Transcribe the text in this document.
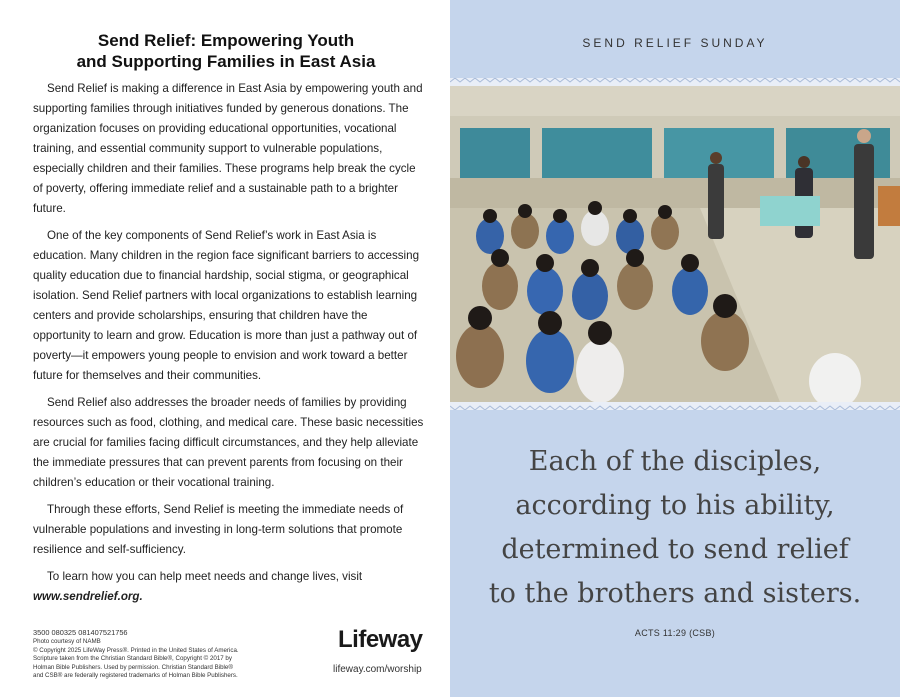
Send Relief: Empowering Youth
and Supporting Families in East Asia

Send Relief is making a difference in East Asia by empowering youth and supporting families through initiatives funded by generous donations. The organization focuses on providing educational opportunities, vocational training, and essential community support to vulnerable populations, especially children and their families. These programs help break the cycle of poverty, offering immediate relief and a sustainable path to a brighter future.

One of the key components of Send Relief’s work in East Asia is education. Many children in the region face significant barriers to accessing quality education due to financial hardship, social stigma, or geographical isolation. Send Relief partners with local organizations to establish learning centers and provide scholarships, ensuring that children have the opportunity to learn and grow. Education is more than just a pathway out of poverty—it empowers young people to envision and work toward a better future for themselves and their communities.

Send Relief also addresses the broader needs of families by providing resources such as food, clothing, and medical care. These basic necessities are crucial for families facing difficult circumstances, and they help alleviate the immediate pressures that can prevent parents from focusing on their children’s education or their vocational training.

Through these efforts, Send Relief is meeting the immediate needs of vulnerable populations and investing in long-term solutions that promote resilience and self-sufficiency.

To learn how you can help meet needs and change lives, visit
www.sendrelief.org.

3500 080325 081407521756
Photo courtesy of NAMB
© Copyright 2025 LifeWay Press®. Printed in the United States of America.
Scripture taken from the Christian Standard Bible®, Copyright © 2017 by
Holman Bible Publishers. Used by permission. Christian Standard Bible®
and CSB® are federally registered trademarks of Holman Bible Publishers.
Lifeway
lifeway.com/worship
SEND RELIEF SUNDAY
Each of the disciples,
according to his ability,
determined to send relief
to the brothers and sisters.
ACTS 11:29 (CSB)
